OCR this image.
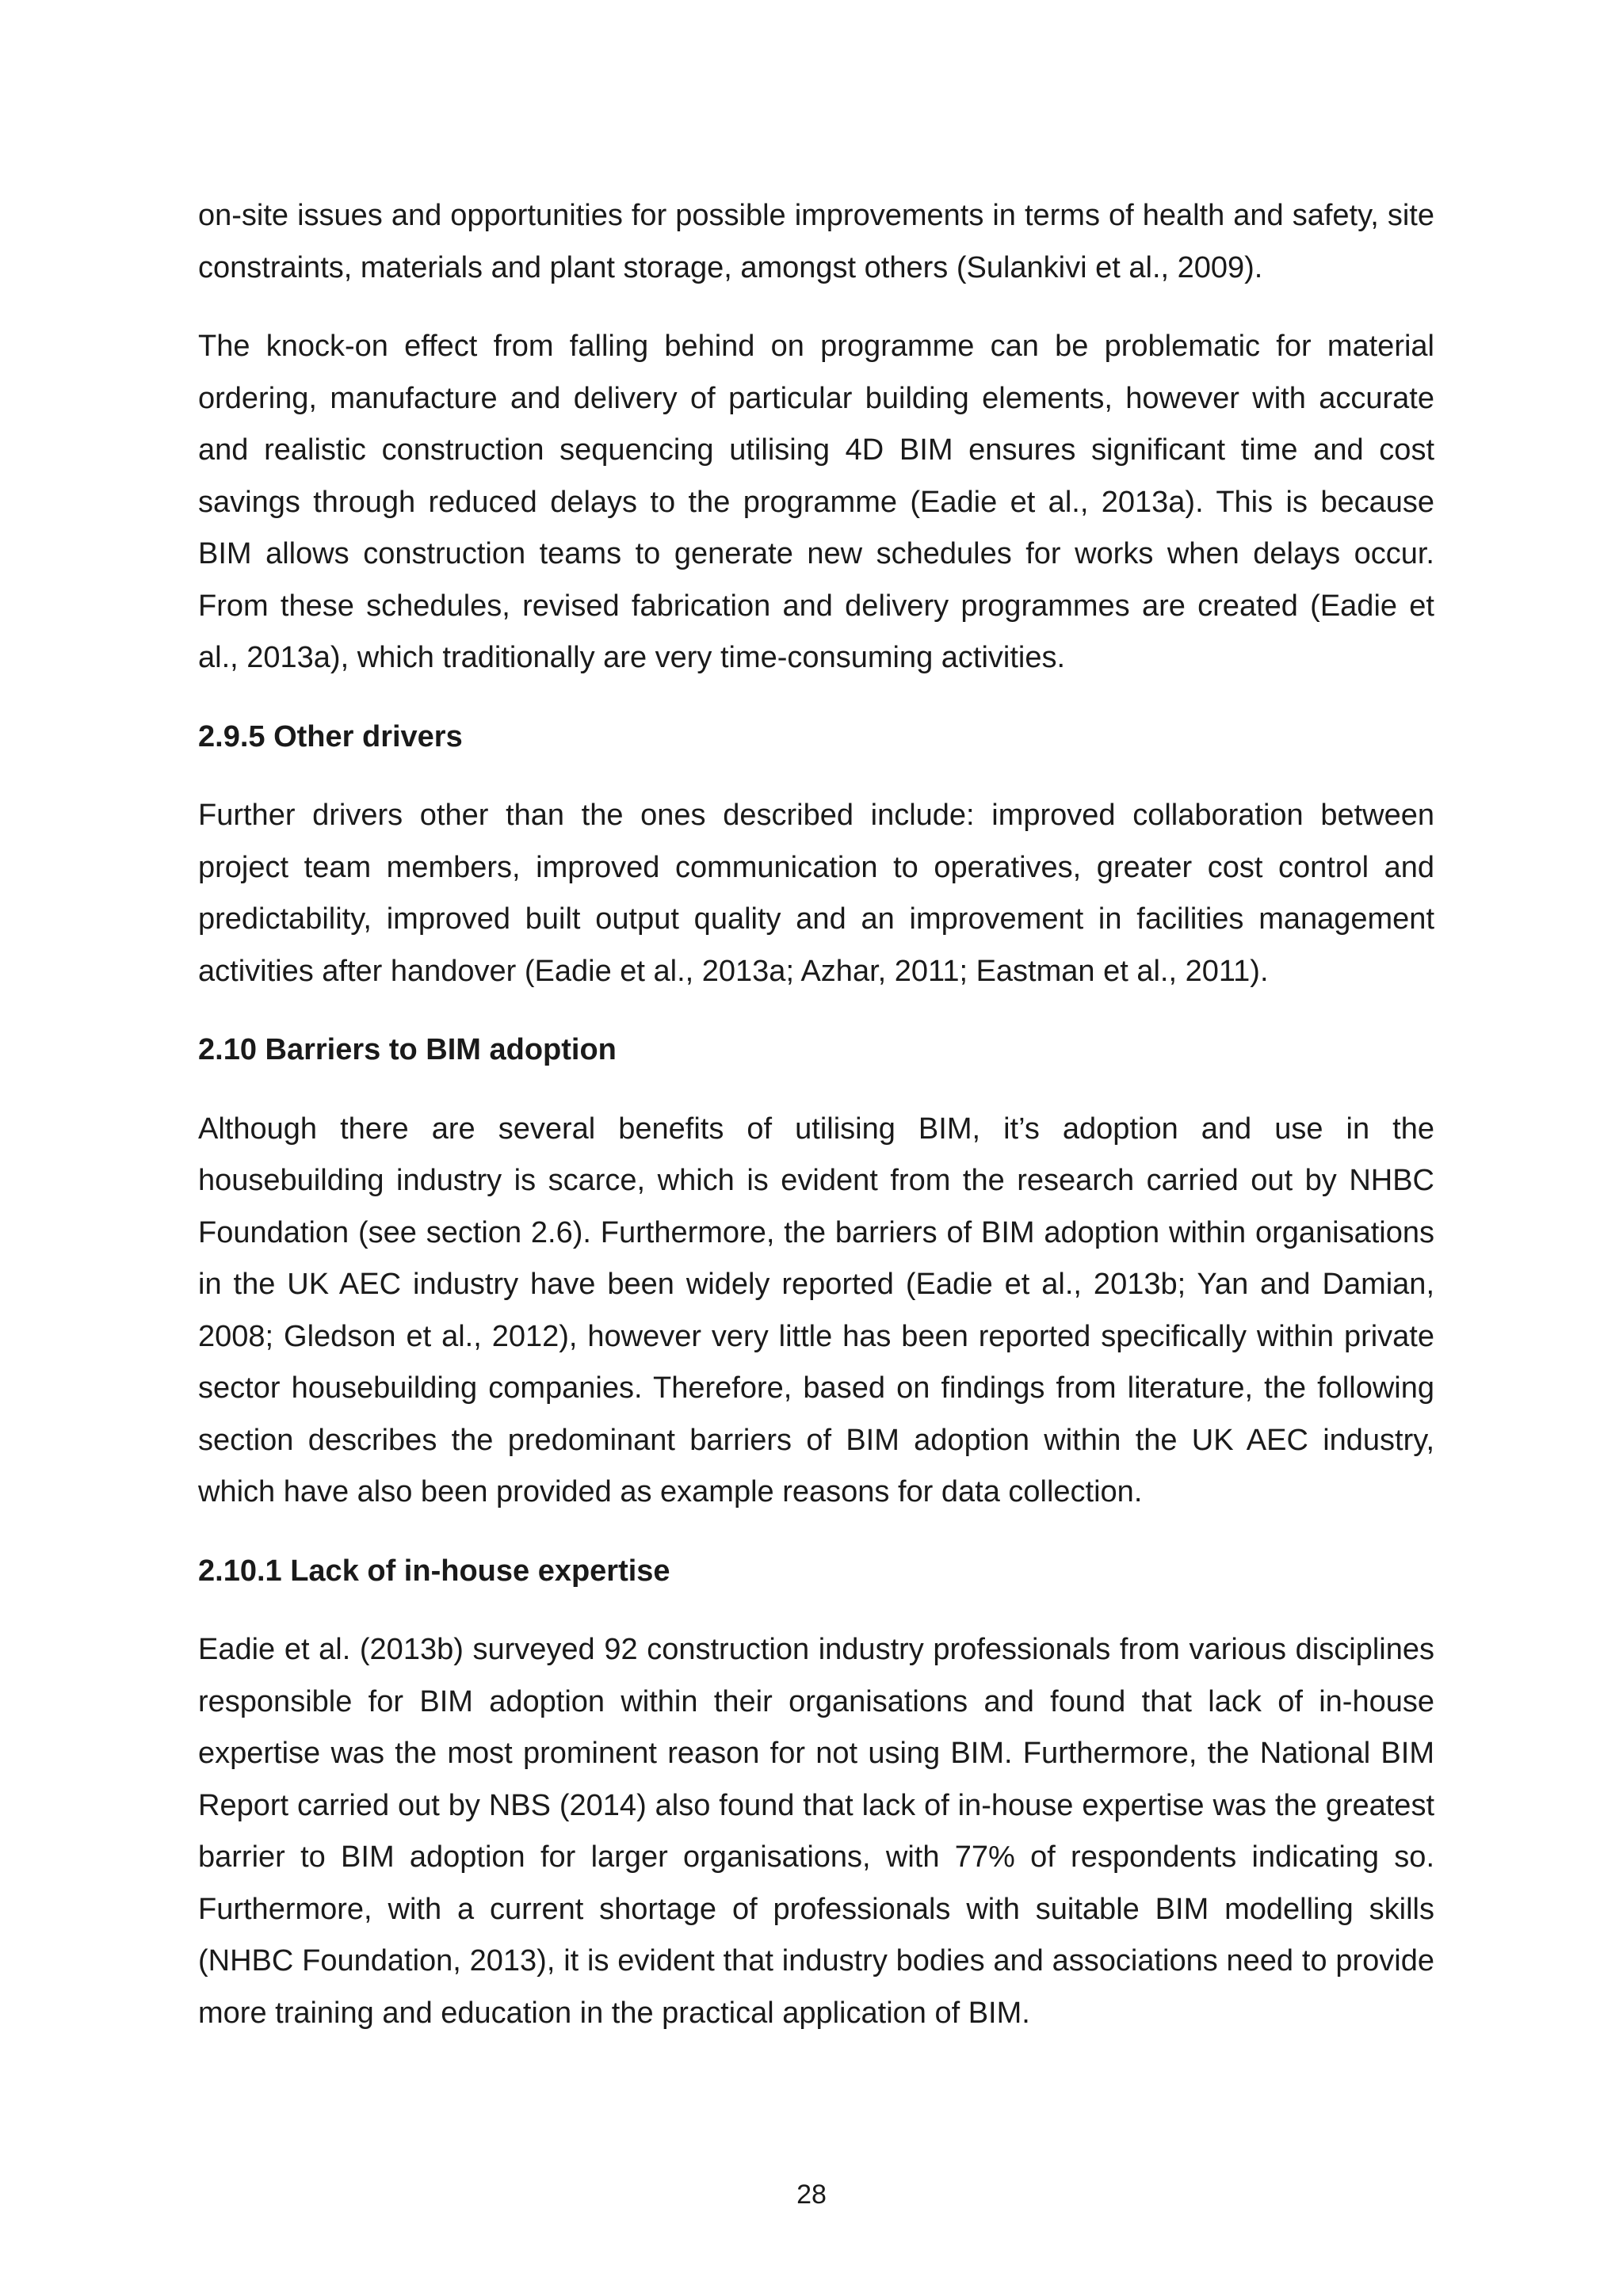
on-site issues and opportunities for possible improvements in terms of health and safety, site constraints, materials and plant storage, amongst others (Sulankivi et al., 2009).

The knock-on effect from falling behind on programme can be problematic for material ordering, manufacture and delivery of particular building elements, however with accurate and realistic construction sequencing utilising 4D BIM ensures significant time and cost savings through reduced delays to the programme (Eadie et al., 2013a). This is because BIM allows construction teams to generate new schedules for works when delays occur. From these schedules, revised fabrication and delivery programmes are created (Eadie et al., 2013a), which traditionally are very time-consuming activities.

2.9.5 Other drivers

Further drivers other than the ones described include: improved collaboration between project team members, improved communication to operatives, greater cost control and predictability, improved built output quality and an improvement in facilities management activities after handover (Eadie et al., 2013a; Azhar, 2011; Eastman et al., 2011).

2.10 Barriers to BIM adoption

Although there are several benefits of utilising BIM, it’s adoption and use in the housebuilding industry is scarce, which is evident from the research carried out by NHBC Foundation (see section 2.6). Furthermore, the barriers of BIM adoption within organisations in the UK AEC industry have been widely reported (Eadie et al., 2013b; Yan and Damian, 2008; Gledson et al., 2012), however very little has been reported specifically within private sector housebuilding companies. Therefore, based on findings from literature, the following section describes the predominant barriers of BIM adoption within the UK AEC industry, which have also been provided as example reasons for data collection.

2.10.1 Lack of in-house expertise

Eadie et al. (2013b) surveyed 92 construction industry professionals from various disciplines responsible for BIM adoption within their organisations and found that lack of in-house expertise was the most prominent reason for not using BIM. Furthermore, the National BIM Report carried out by NBS (2014) also found that lack of in-house expertise was the greatest barrier to BIM adoption for larger organisations, with 77% of respondents indicating so. Furthermore, with a current shortage of professionals with suitable BIM modelling skills (NHBC Foundation, 2013), it is evident that industry bodies and associations need to provide more training and education in the practical application of BIM.

28
